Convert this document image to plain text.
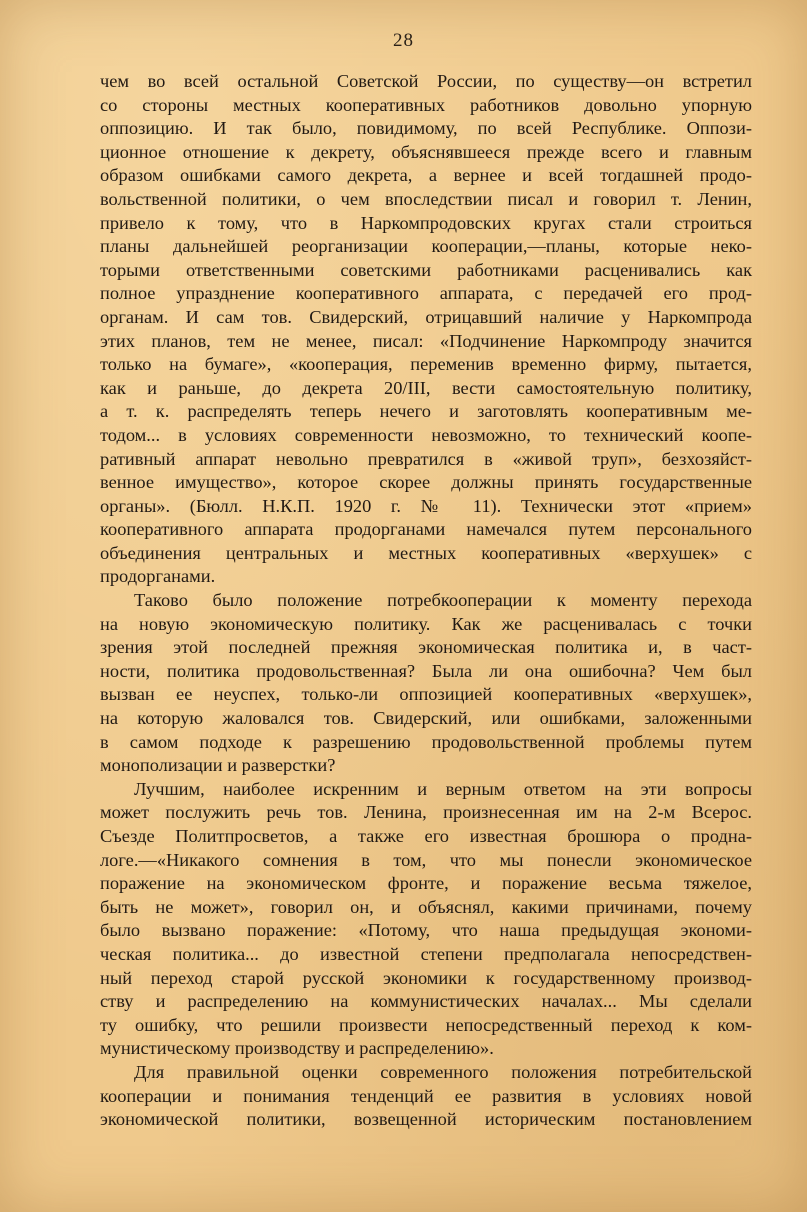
28
чем во всей остальной Советской России, по существу—он встретил
со стороны местных кооперативных работников довольно упорную
оппозицию. И так было, повидимому, по всей Республике. Оппози-
ционное отношение к декрету, объяснявшееся прежде всего и главным
образом ошибками самого декрета, а вернее и всей тогдашней продо-
вольственной политики, о чем впоследствии писал и говорил т. Ленин,
привело к тому, что в Наркомпродовских кругах стали строиться
планы дальнейшей реорганизации кооперации,—планы, которые неко-
торыми ответственными советскими работниками расценивались как
полное упразднение кооперативного аппарата, с передачей его прод-
органам. И сам тов. Свидерский, отрицавший наличие у Наркомпрода
этих планов, тем не менее, писал: «Подчинение Наркомпроду значится
только на бумаге», «кооперация, переменив временно фирму, пытается,
как и раньше, до декрета 20/III, вести самостоятельную политику,
а т. к. распределять теперь нечего и заготовлять кооперативным ме-
тодом... в условиях современности невозможно, то технический коопе-
ративный аппарат невольно превратился в «живой труп», безхозяйст-
венное имущество», которое скорее должны принять государственные
органы». (Бюлл. Н.К.П. 1920 г. № 11). Технически этот «прием»
кооперативного аппарата продорганами намечался путем персонального
объединения центральных и местных кооперативных «верхушек» с
продорганами.
Таково было положение потребкооперации к моменту перехода
на новую экономическую политику. Как же расценивалась с точки
зрения этой последней прежняя экономическая политика и, в част-
ности, политика продовольственная? Была ли она ошибочна? Чем был
вызван ее неуспех, только-ли оппозицией кооперативных «верхушек»,
на которую жаловался тов. Свидерский, или ошибками, заложенными
в самом подходе к разрешению продовольственной проблемы путем
монополизации и разверстки?
Лучшим, наиболее искренним и верным ответом на эти вопросы
может послужить речь тов. Ленина, произнесенная им на 2-м Всерос.
Съезде Политпросветов, а также его известная брошюра о продна-
логе.—«Никакого сомнения в том, что мы понесли экономическое
поражение на экономическом фронте, и поражение весьма тяжелое,
быть не может», говорил он, и объяснял, какими причинами, почему
было вызвано поражение: «Потому, что наша предыдущая экономи-
ческая политика... до известной степени предполагала непосредствен-
ный переход старой русской экономики к государственному производ-
ству и распределению на коммунистических началах... Мы сделали
ту ошибку, что решили произвести непосредственный переход к ком-
мунистическому производству и распределению».
Для правильной оценки современного положения потребительской
кооперации и понимания тенденций ее развития в условиях новой
экономической политики, возвещенной историческим постановлением
